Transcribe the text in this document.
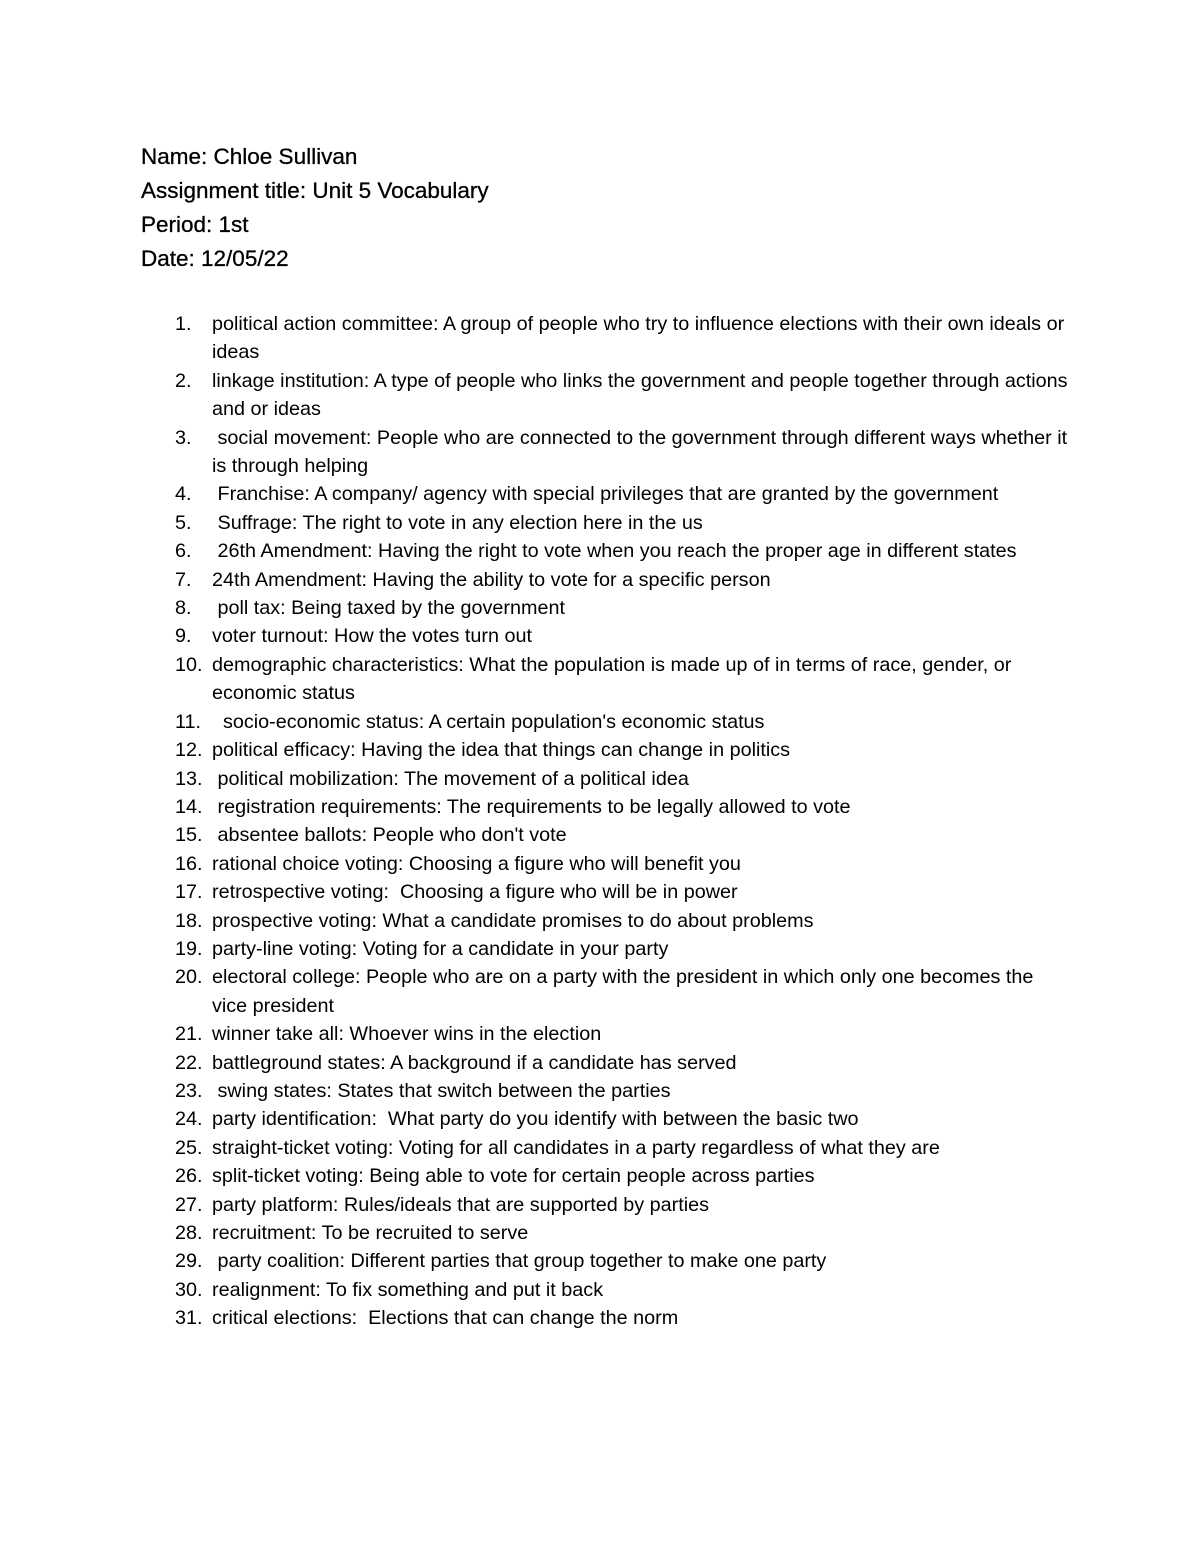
Name: Chloe Sullivan
Assignment title: Unit 5 Vocabulary
Period: 1st
Date: 12/05/22
1.	political action committee: A group of people who try to influence elections with their own ideals or ideas
2.	linkage institution: A type of people who links the government and people together through actions and or ideas
3.	social movement: People who are connected to the government through different ways whether it is through helping
4.	Franchise: A company/ agency with special privileges that are granted by the government
5.	Suffrage: The right to vote in any election here in the us
6.	26th Amendment: Having the right to vote when you reach the proper age in different states
7.	24th Amendment: Having the ability to vote for a specific person
8.	poll tax: Being taxed by the government
9.	voter turnout: How the votes turn out
10. demographic characteristics: What the population is made up of in terms of race, gender, or economic status
11. socio-economic status: A certain population's economic status
12. political efficacy: Having the idea that things can change in politics
13. political mobilization: The movement of a political idea
14. registration requirements: The requirements to be legally allowed to vote
15. absentee ballots: People who don't vote
16. rational choice voting: Choosing a figure who will benefit you
17. retrospective voting:  Choosing a figure who will be in power
18. prospective voting: What a candidate promises to do about problems
19. party-line voting: Voting for a candidate in your party
20. electoral college: People who are on a party with the president in which only one becomes the vice president
21. winner take all: Whoever wins in the election
22. battleground states: A background if a candidate has served
23. swing states: States that switch between the parties
24. party identification:  What party do you identify with between the basic two
25. straight-ticket voting: Voting for all candidates in a party regardless of what they are
26. split-ticket voting: Being able to vote for certain people across parties
27. party platform: Rules/ideals that are supported by parties
28. recruitment: To be recruited to serve
29. party coalition: Different parties that group together to make one party
30. realignment: To fix something and put it back
31. critical elections:  Elections that can change the norm
